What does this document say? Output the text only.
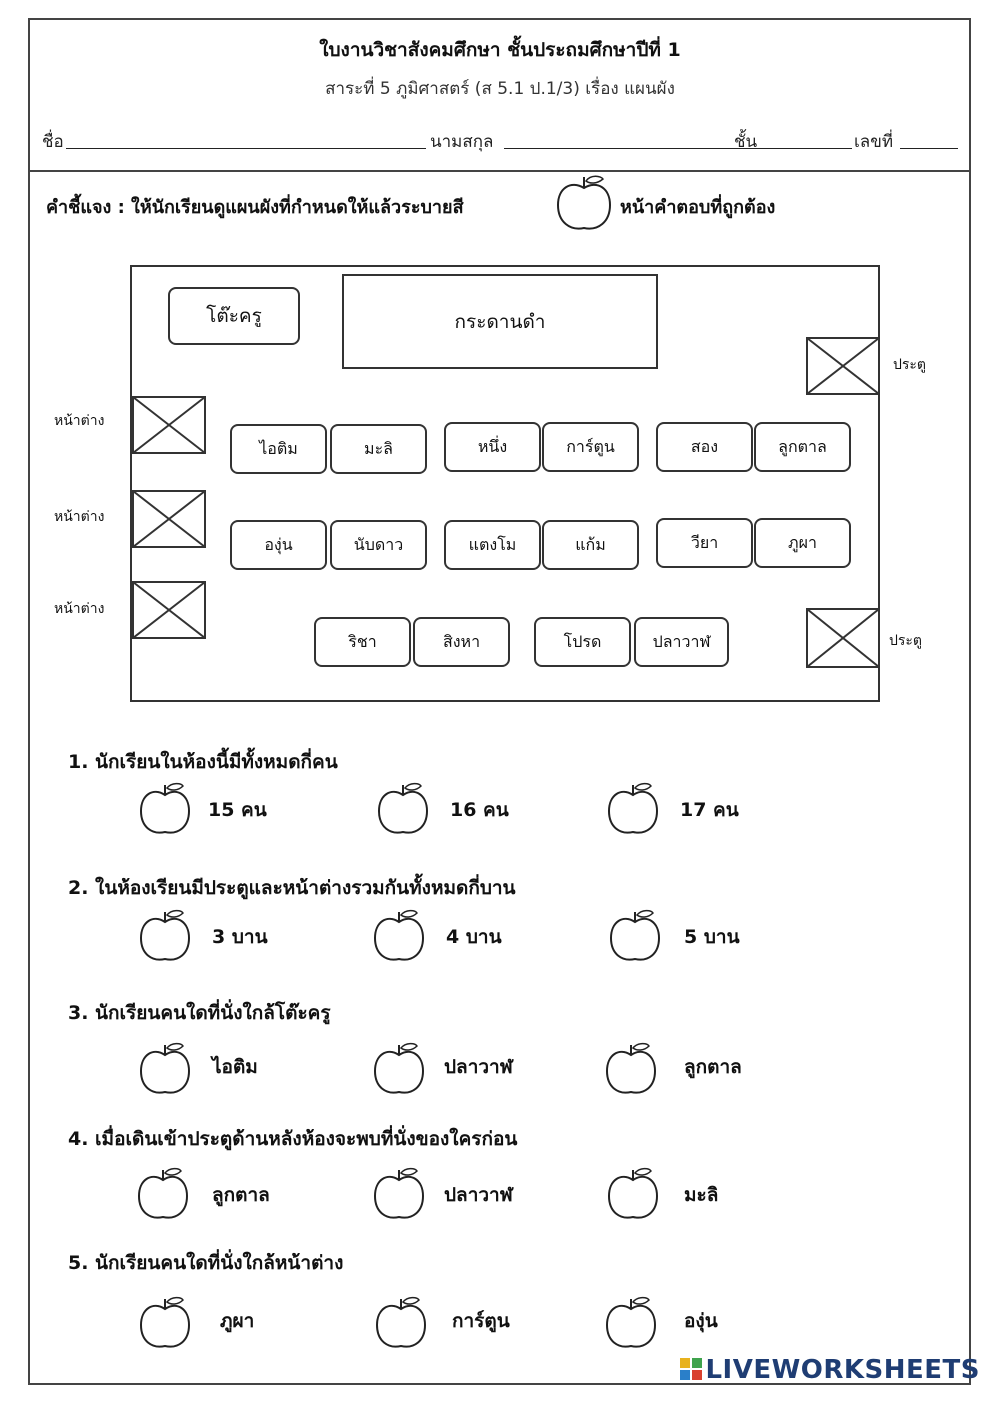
ใบงานวิชาสังคมศึกษา ชั้นประถมศึกษาปีที่ 1
สาระที่ 5 ภูมิศาสตร์ (ส 5.1 ป.1/3) เรื่อง แผนผัง
ชื่อ	นามสกุล	ชั้น	เลขที่
คำชี้แจง : ให้นักเรียนดูแผนผังที่กำหนดให้แล้วระบายสี	หน้าคำตอบที่ถูกต้อง
โต๊ะครู	กระดานดำ
ไอติม	มะลิ	หนึ่ง	การ์ตูน	สอง	ลูกตาล
องุ่น	นับดาว	แตงโม	แก้ม	วียา	ภูผา
ริชา	สิงหา	โปรด	ปลาวาฬ
หน้าต่าง
หน้าต่าง
หน้าต่าง
ประตู
ประตู
1. นักเรียนในห้องนี้มีทั้งหมดกี่คน
2. ในห้องเรียนมีประตูและหน้าต่างรวมกันทั้งหมดกี่บาน
3. นักเรียนคนใดที่นั่งใกล้โต๊ะครู
4. เมื่อเดินเข้าประตูด้านหลังห้องจะพบที่นั่งของใครก่อน
5. นักเรียนคนใดที่นั่งใกล้หน้าต่าง
15 คน	16 คน	17 คน
3 บาน	4 บาน	5 บาน
ไอติม	ปลาวาฬ	ลูกตาล
ลูกตาล	ปลาวาฬ	มะลิ
ภูผา	การ์ตูน	องุ่น
LIVEWORKSHEETS
